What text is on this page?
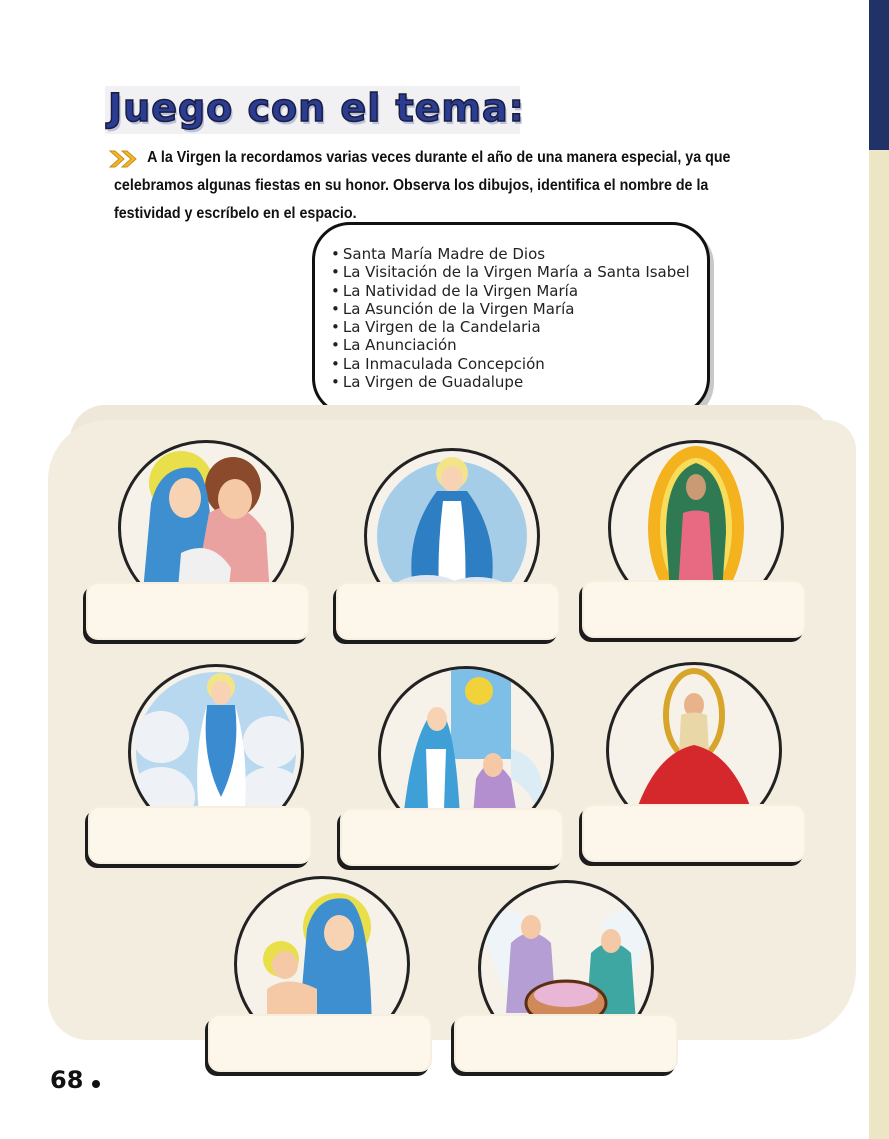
Juego con el tema:
A la Virgen la recordamos varias veces durante el año de una manera especial, ya que celebramos algunas fiestas en su honor. Observa los dibujos, identifica el nombre de la festividad y escríbelo en el espacio.
• Santa María Madre de Dios
• La Visitación de la Virgen María a Santa Isabel
• La Natividad de la Virgen María
• La Asunción de la Virgen María
• La Virgen de la Candelaria
• La Anunciación
• La Inmaculada Concepción
• La Virgen de Guadalupe
68
